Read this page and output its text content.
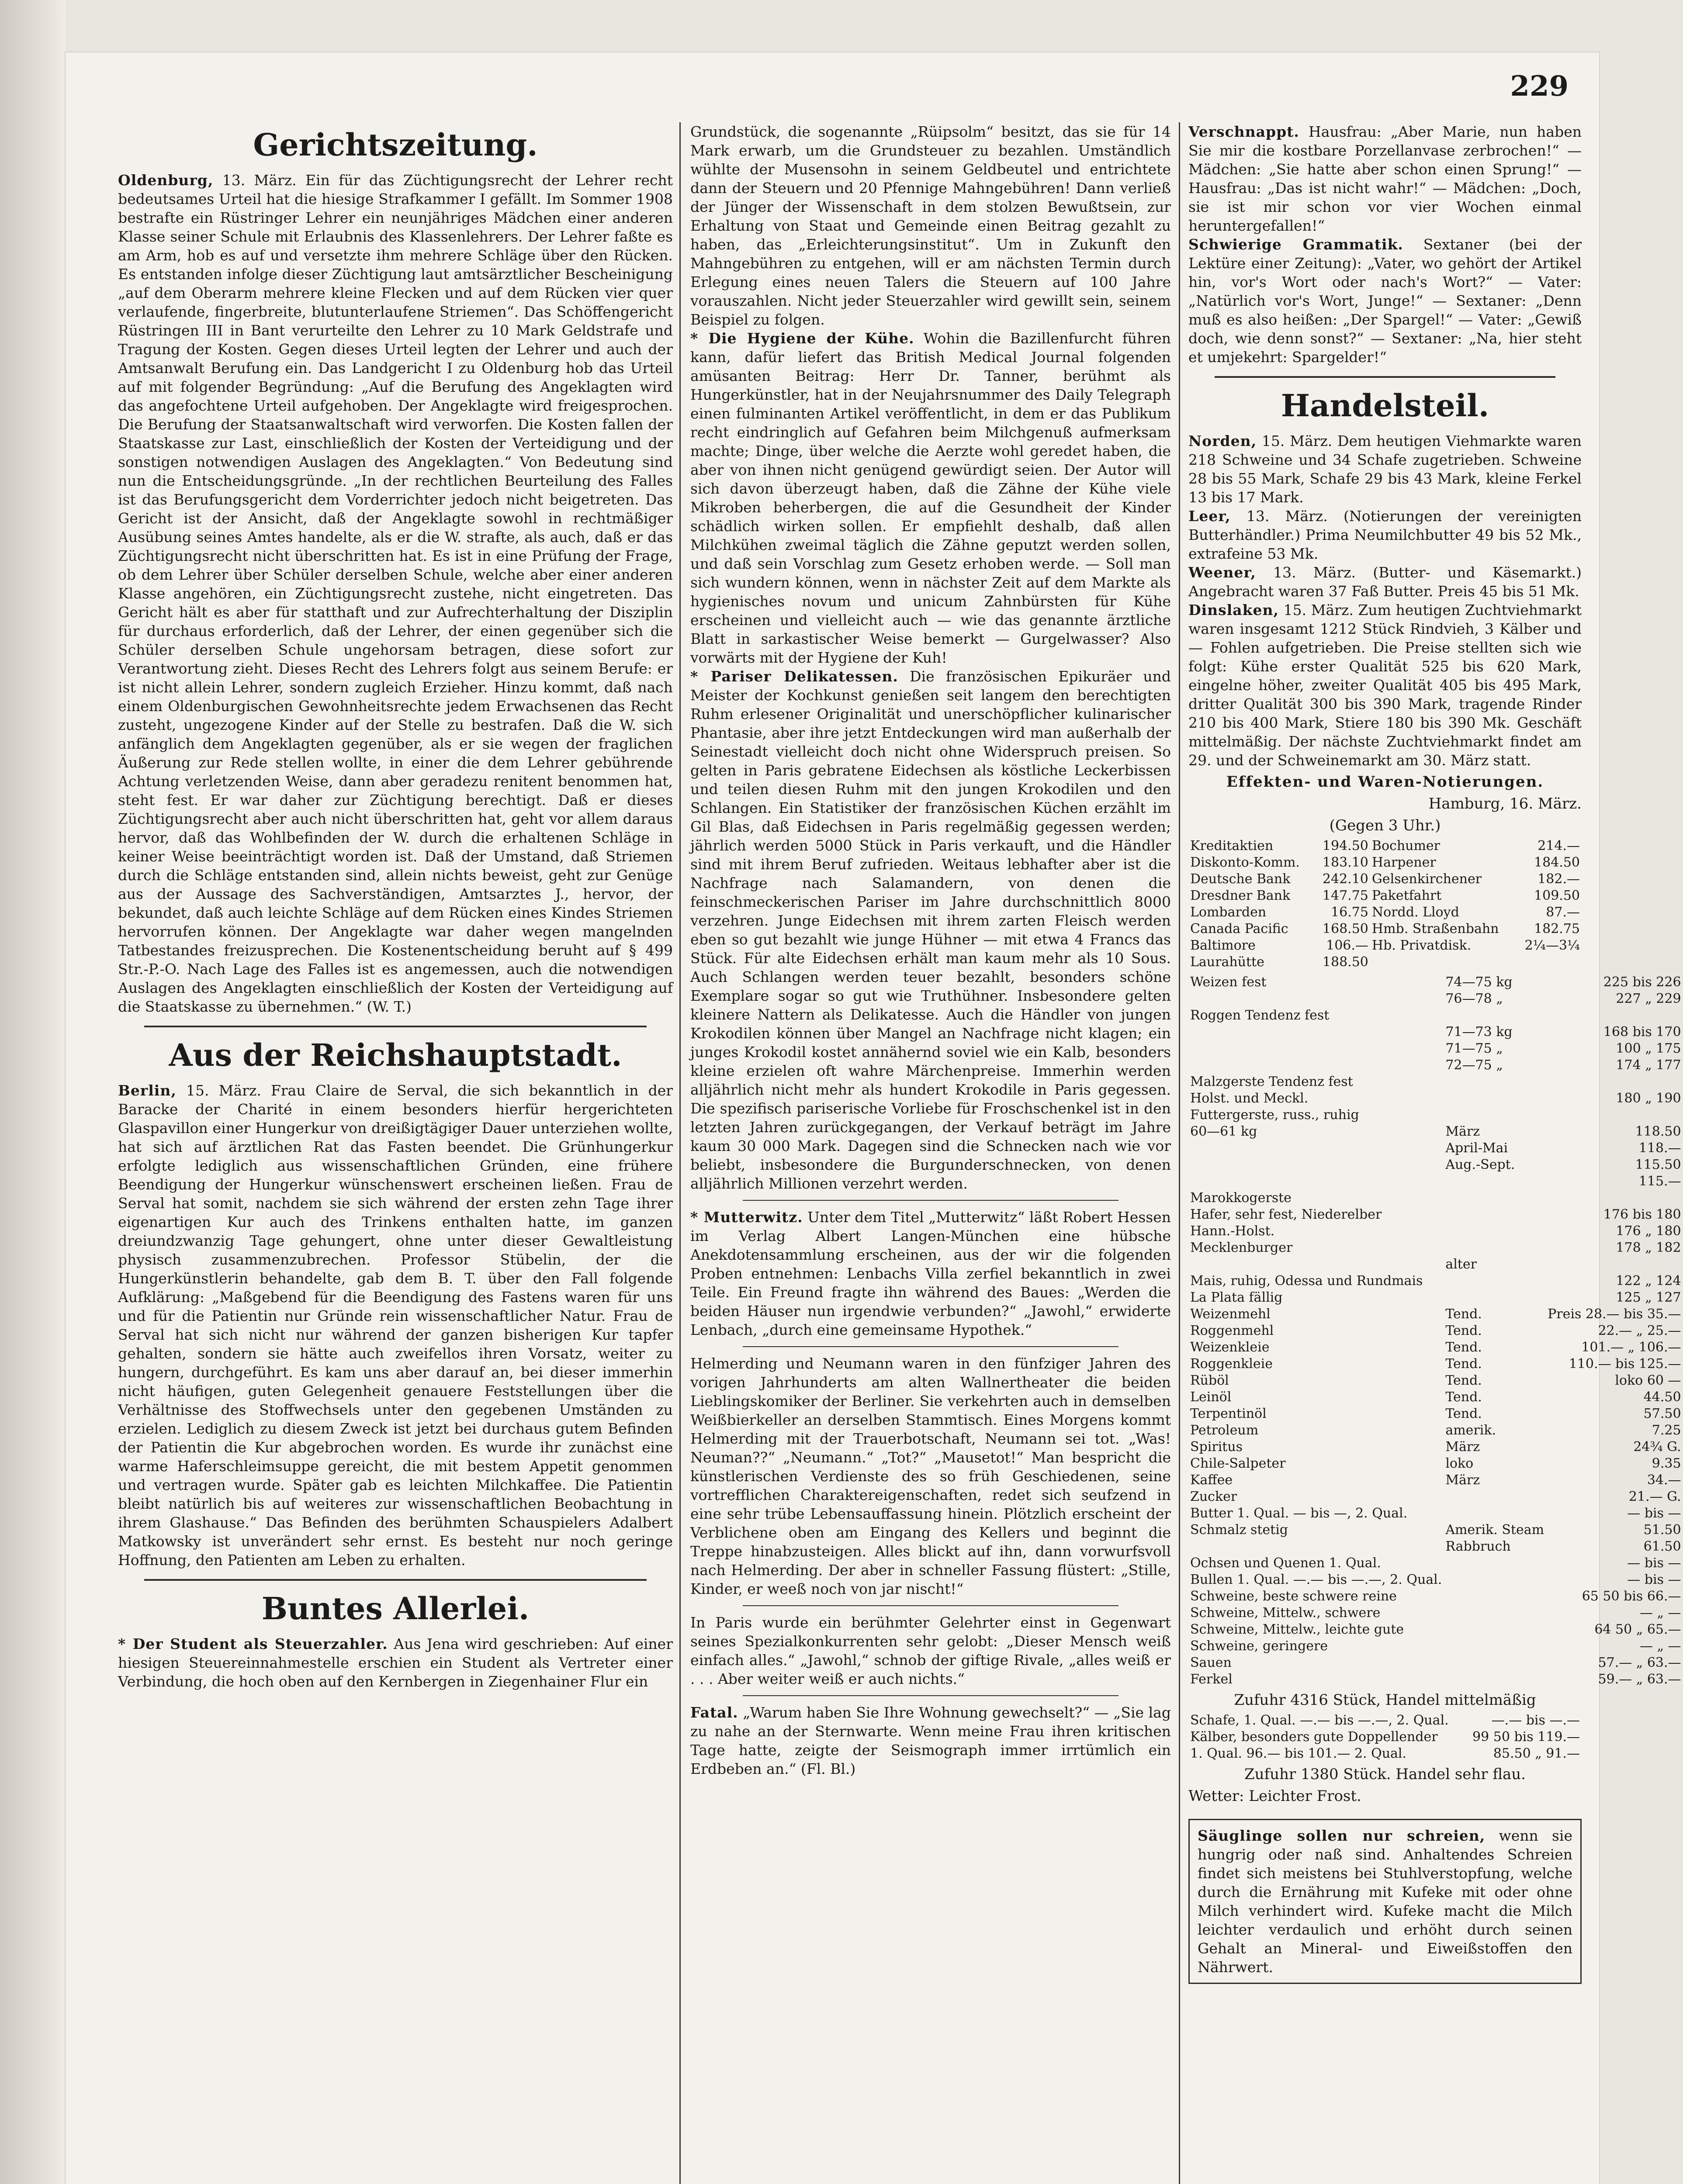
229
Gerichtszeitung.

Oldenburg, 13. März. Ein für das Züchtigungsrecht der Lehrer recht bedeutsames Urteil hat die hiesige Strafkammer I gefällt. Im Sommer 1908 bestrafte ein Rüstringer Lehrer ein neunjähriges Mädchen einer anderen Klasse seiner Schule mit Erlaubnis des Klassenlehrers. Der Lehrer faßte es am Arm, hob es auf und versetzte ihm mehrere Schläge über den Rücken. Es entstanden infolge dieser Züchtigung laut amtsärztlicher Bescheinigung „auf dem Oberarm mehrere kleine Flecken und auf dem Rücken vier quer verlaufende, fingerbreite, blutunterlaufene Striemen“. Das Schöffengericht Rüstringen III in Bant verurteilte den Lehrer zu 10 Mark Geldstrafe und Tragung der Kosten. Gegen dieses Urteil legten der Lehrer und auch der Amtsanwalt Berufung ein. Das Landgericht I zu Oldenburg hob das Urteil auf mit folgender Begründung: „Auf die Berufung des Angeklagten wird das angefochtene Urteil aufgehoben. Der Angeklagte wird freigesprochen. Die Berufung der Staatsanwaltschaft wird verworfen. Die Kosten fallen der Staatskasse zur Last, einschließlich der Kosten der Verteidigung und der sonstigen notwendigen Auslagen des Angeklagten.“ Von Bedeutung sind nun die Entscheidungsgründe. „In der rechtlichen Beurteilung des Falles ist das Berufungsgericht dem Vorderrichter jedoch nicht beigetreten. Das Gericht ist der Ansicht, daß der Angeklagte sowohl in rechtmäßiger Ausübung seines Amtes handelte, als er die W. strafte, als auch, daß er das Züchtigungsrecht nicht überschritten hat. Es ist in eine Prüfung der Frage, ob dem Lehrer über Schüler derselben Schule, welche aber einer anderen Klasse angehören, ein Züchtigungsrecht zustehe, nicht eingetreten. Das Gericht hält es aber für statthaft und zur Aufrechterhaltung der Disziplin für durchaus erforderlich, daß der Lehrer, der einen gegenüber sich die Schüler derselben Schule ungehorsam betragen, diese sofort zur Verantwortung zieht. Dieses Recht des Lehrers folgt aus seinem Berufe: er ist nicht allein Lehrer, sondern zugleich Erzieher. Hinzu kommt, daß nach einem Oldenburgischen Gewohnheitsrechte jedem Erwachsenen das Recht zusteht, ungezogene Kinder auf der Stelle zu bestrafen. Daß die W. sich anfänglich dem Angeklagten gegenüber, als er sie wegen der fraglichen Äußerung zur Rede stellen wollte, in einer die dem Lehrer gebührende Achtung verletzenden Weise, dann aber geradezu renitent benommen hat, steht fest. Er war daher zur Züchtigung berechtigt. Daß er dieses Züchtigungsrecht aber auch nicht überschritten hat, geht vor allem daraus hervor, daß das Wohlbefinden der W. durch die erhaltenen Schläge in keiner Weise beeinträchtigt worden ist. Daß der Umstand, daß Striemen durch die Schläge entstanden sind, allein nichts beweist, geht zur Genüge aus der Aussage des Sachverständigen, Amtsarztes J., hervor, der bekundet, daß auch leichte Schläge auf dem Rücken eines Kindes Striemen hervorrufen können. Der Angeklagte war daher wegen mangelnden Tatbestandes freizusprechen. Die Kostenentscheidung beruht auf § 499 Str.-P.-O. Nach Lage des Falles ist es angemessen, auch die notwendigen Auslagen des Angeklagten einschließlich der Kosten der Verteidigung auf die Staatskasse zu übernehmen.“ (W. T.)

Aus der Reichshauptstadt.

Berlin, 15. März. Frau Claire de Serval, die sich bekanntlich in der Baracke der Charité in einem besonders hierfür hergerichteten Glaspavillon einer Hungerkur von dreißigtägiger Dauer unterziehen wollte, hat sich auf ärztlichen Rat das Fasten beendet. Die Grünhungerkur erfolgte lediglich aus wissenschaftlichen Gründen, eine frühere Beendigung der Hungerkur wünschenswert erscheinen ließen. Frau de Serval hat somit, nachdem sie sich während der ersten zehn Tage ihrer eigenartigen Kur auch des Trinkens enthalten hatte, im ganzen dreiundzwanzig Tage gehungert, ohne unter dieser Gewaltleistung physisch zusammenzubrechen. Professor Stübelin, der die Hungerkünstlerin behandelte, gab dem B. T. über den Fall folgende Aufklärung: „Maßgebend für die Beendigung des Fastens waren für uns und für die Patientin nur Gründe rein wissenschaftlicher Natur. Frau de Serval hat sich nicht nur während der ganzen bisherigen Kur tapfer gehalten, sondern sie hätte auch zweifellos ihren Vorsatz, weiter zu hungern, durchgeführt. Es kam uns aber darauf an, bei dieser immerhin nicht häufigen, guten Gelegenheit genauere Feststellungen über die Verhältnisse des Stoffwechsels unter den gegebenen Umständen zu erzielen. Lediglich zu diesem Zweck ist jetzt bei durchaus gutem Befinden der Patientin die Kur abgebrochen worden. Es wurde ihr zunächst eine warme Haferschleimsuppe gereicht, die mit bestem Appetit genommen und vertragen wurde. Später gab es leichten Milchkaffee. Die Patientin bleibt natürlich bis auf weiteres zur wissenschaftlichen Beobachtung in ihrem Glashause.“ Das Befinden des berühmten Schauspielers Adalbert Matkowsky ist unverändert sehr ernst. Es besteht nur noch geringe Hoffnung, den Patienten am Leben zu erhalten.

Buntes Allerlei.

* Der Student als Steuerzahler. Aus Jena wird geschrieben: Auf einer hiesigen Steuereinnahmestelle erschien ein Student als Vertreter einer Verbindung, die hoch oben auf den Kernbergen in Ziegenhainer Flur ein

Grundstück, die sogenannte „Rüipsolm“ besitzt, das sie für 14 Mark erwarb, um die Grundsteuer zu bezahlen. Umständlich wühlte der Musensohn in seinem Geldbeutel und entrichtete dann der Steuern und 20 Pfennige Mahngebühren! Dann verließ der Jünger der Wissenschaft in dem stolzen Bewußtsein, zur Erhaltung von Staat und Gemeinde einen Beitrag gezahlt zu haben, das „Erleichterungsinstitut“. Um in Zukunft den Mahngebühren zu entgehen, will er am nächsten Termin durch Erlegung eines neuen Talers die Steuern auf 100 Jahre vorauszahlen. Nicht jeder Steuerzahler wird gewillt sein, seinem Beispiel zu folgen.

* Die Hygiene der Kühe. Wohin die Bazillenfurcht führen kann, dafür liefert das British Medical Journal folgenden amüsanten Beitrag: Herr Dr. Tanner, berühmt als Hungerkünstler, hat in der Neujahrsnummer des Daily Telegraph einen fulminanten Artikel veröffentlicht, in dem er das Publikum recht eindringlich auf Gefahren beim Milchgenuß aufmerksam machte; Dinge, über welche die Aerzte wohl geredet haben, die aber von ihnen nicht genügend gewürdigt seien. Der Autor will sich davon überzeugt haben, daß die Zähne der Kühe viele Mikroben beherbergen, die auf die Gesundheit der Kinder schädlich wirken sollen. Er empfiehlt deshalb, daß allen Milchkühen zweimal täglich die Zähne geputzt werden sollen, und daß sein Vorschlag zum Gesetz erhoben werde. — Soll man sich wundern können, wenn in nächster Zeit auf dem Markte als hygienisches novum und unicum Zahnbürsten für Kühe erscheinen und vielleicht auch — wie das genannte ärztliche Blatt in sarkastischer Weise bemerkt — Gurgelwasser? Also vorwärts mit der Hygiene der Kuh!

* Pariser Delikatessen. Die französischen Epikuräer und Meister der Kochkunst genießen seit langem den berechtigten Ruhm erlesener Originalität und unerschöpflicher kulinarischer Phantasie, aber ihre jetzt Entdeckungen wird man außerhalb der Seinestadt vielleicht doch nicht ohne Widerspruch preisen. So gelten in Paris gebratene Eidechsen als köstliche Leckerbissen und teilen diesen Ruhm mit den jungen Krokodilen und den Schlangen. Ein Statistiker der französischen Küchen erzählt im Gil Blas, daß Eidechsen in Paris regelmäßig gegessen werden; jährlich werden 5000 Stück in Paris verkauft, und die Händler sind mit ihrem Beruf zufrieden. Weitaus lebhafter aber ist die Nachfrage nach Salamandern, von denen die feinschmeckerischen Pariser im Jahre durchschnittlich 8000 verzehren. Junge Eidechsen mit ihrem zarten Fleisch werden eben so gut bezahlt wie junge Hühner — mit etwa 4 Francs das Stück. Für alte Eidechsen erhält man kaum mehr als 10 Sous. Auch Schlangen werden teuer bezahlt, besonders schöne Exemplare sogar so gut wie Truthühner. Insbesondere gelten kleinere Nattern als Delikatesse. Auch die Händler von jungen Krokodilen können über Mangel an Nachfrage nicht klagen; ein junges Krokodil kostet annähernd soviel wie ein Kalb, besonders kleine erzielen oft wahre Märchenpreise. Immerhin werden alljährlich nicht mehr als hundert Krokodile in Paris gegessen. Die spezifisch pariserische Vorliebe für Froschschenkel ist in den letzten Jahren zurückgegangen, der Verkauf beträgt im Jahre kaum 30 000 Mark. Dagegen sind die Schnecken nach wie vor beliebt, insbesondere die Burgunderschnecken, von denen alljährlich Millionen verzehrt werden.

* Mutterwitz. Unter dem Titel „Mutterwitz“ läßt Robert Hessen im Verlag Albert Langen-München eine hübsche Anekdotensammlung erscheinen, aus der wir die folgenden Proben entnehmen: Lenbachs Villa zerfiel bekanntlich in zwei Teile. Ein Freund fragte ihn während des Baues: „Werden die beiden Häuser nun irgendwie verbunden?“ „Jawohl,“ erwiderte Lenbach, „durch eine gemeinsame Hypothek.“

Helmerding und Neumann waren in den fünfziger Jahren des vorigen Jahrhunderts am alten Wallnertheater die beiden Lieblingskomiker der Berliner. Sie verkehrten auch in demselben Weißbierkeller an derselben Stammtisch. Eines Morgens kommt Helmerding mit der Trauerbotschaft, Neumann sei tot. „Was! Neuman??“ „Neumann.“ „Tot?“ „Mausetot!“ Man bespricht die künstlerischen Verdienste des so früh Geschiedenen, seine vortrefflichen Charaktereigenschaften, redet sich seufzend in eine sehr trübe Lebensauffassung hinein. Plötzlich erscheint der Verblichene oben am Eingang des Kellers und beginnt die Treppe hinabzusteigen. Alles blickt auf ihn, dann vorwurfsvoll nach Helmerding. Der aber in schneller Fassung flüstert: „Stille, Kinder, er weeß noch von jar nischt!“

In Paris wurde ein berühmter Gelehrter einst in Gegenwart seines Spezialkonkurrenten sehr gelobt: „Dieser Mensch weiß einfach alles.“ „Jawohl,“ schnob der giftige Rivale, „alles weiß er . . . Aber weiter weiß er auch nichts.“

Fatal. „Warum haben Sie Ihre Wohnung gewechselt?“ — „Sie lag zu nahe an der Sternwarte. Wenn meine Frau ihren kritischen Tage hatte, zeigte der Seismograph immer irrtümlich ein Erdbeben an.“ (Fl. Bl.)

Verschnappt. Hausfrau: „Aber Marie, nun haben Sie mir die kostbare Porzellanvase zerbrochen!“ — Mädchen: „Sie hatte aber schon einen Sprung!“ — Hausfrau: „Das ist nicht wahr!“ — Mädchen: „Doch, sie ist mir schon vor vier Wochen einmal heruntergefallen!“

Schwierige Grammatik. Sextaner (bei der Lektüre einer Zeitung): „Vater, wo gehört der Artikel hin, vor's Wort oder nach's Wort?“ — Vater: „Natürlich vor's Wort, Junge!“ — Sextaner: „Denn muß es also heißen: „Der Spargel!“ — Vater: „Gewiß doch, wie denn sonst?“ — Sextaner: „Na, hier steht et umjekehrt: Spargelder!“

Handelsteil.

Norden, 15. März. Dem heutigen Viehmarkte waren 218 Schweine und 34 Schafe zugetrieben. Schweine 28 bis 55 Mark, Schafe 29 bis 43 Mark, kleine Ferkel 13 bis 17 Mark.

Leer, 13. März. (Notierungen der vereinigten Butterhändler.) Prima Neumilchbutter 49 bis 52 Mk., extrafeine 53 Mk.

Weener, 13. März. (Butter- und Käsemarkt.) Angebracht waren 37 Faß Butter. Preis 45 bis 51 Mk.

Dinslaken, 15. März. Zum heutigen Zuchtviehmarkt waren insgesamt 1212 Stück Rindvieh, 3 Kälber und — Fohlen aufgetrieben. Die Preise stellten sich wie folgt: Kühe erster Qualität 525 bis 620 Mark, eingelne höher, zweiter Qualität 405 bis 495 Mark, dritter Qualität 300 bis 390 Mark, tragende Rinder 210 bis 400 Mark, Stiere 180 bis 390 Mk. Geschäft mittelmäßig. Der nächste Zuchtviehmarkt findet am 29. und der Schweinemarkt am 30. März statt.

Effekten- und Waren-Notierungen.
Hamburg, 16. März.
(Gegen 3 Uhr.)
Kreditaktien	194.50	Bochumer	214.—
Diskonto-Komm.	183.10	Harpener	184.50
Deutsche Bank	242.10	Gelsenkirchener	182.—
Dresdner Bank	147.75	Paketfahrt	109.50
Lombarden	16.75	Nordd. Lloyd	87.—
Canada Pacific	168.50	Hmb. Straßenbahn	182.75
Baltimore	106.—	Hb. Privatdisk.	2¼—3¼
Laurahütte	188.50		
Weizen fest	74—75 kg	225 bis 226
	76—78 „	227 „ 229
Roggen Tendenz fest		
	71—73 kg	168 bis 170
	71—75 „	100 „ 175
	72—75 „	174 „ 177
Malzgerste Tendenz fest		
Holst. und Meckl.		180 „ 190
Futtergerste, russ., ruhig		
60—61 kg	März	118.50
	April-Mai	118.—
	Aug.-Sept.	115.50
		115.—
Marokkogerste		
Hafer, sehr fest, Niederelber		176 bis 180
Hann.-Holst.		176 „ 180
Mecklenburger		178 „ 182
	alter	
Mais, ruhig, Odessa und Rundmais		122 „ 124
La Plata fällig		125 „ 127
Weizenmehl	Tend.	Preis 28.— bis 35.—
Roggenmehl	Tend.	22.— „ 25.—
Weizenkleie	Tend.	101.— „ 106.—
Roggenkleie	Tend.	110.— bis 125.—
Rüböl	Tend.	loko 60 —
Leinöl	Tend.	44.50
Terpentinöl	Tend.	57.50
Petroleum	amerik.	7.25
Spiritus	März	24¾ G.
Chile-Salpeter	loko	9.35
Kaffee	März	34.—
Zucker		21.— G.
Butter 1. Qual. — bis —, 2. Qual.		— bis —
Schmalz stetig	Amerik. Steam	51.50
	Rabbruch	61.50
Ochsen und Quenen 1. Qual.		— bis —
Bullen 1. Qual. —.— bis —.—, 2. Qual.		— bis —
Schweine, beste schwere reine		65 50 bis 66.—
Schweine, Mittelw., schwere		— „ —
Schweine, Mittelw., leichte gute		64 50 „ 65.—
Schweine, geringere		— „ —
Sauen		57.— „ 63.—
Ferkel		59.— „ 63.—
Zufuhr 4316 Stück, Handel mittelmäßig
Schafe, 1. Qual. —.— bis —.—, 2. Qual.	—.— bis —.—
Kälber, besonders gute Doppellender	99 50 bis 119.—
1. Qual. 96.— bis 101.— 2. Qual.	85.50 „ 91.—
Zufuhr 1380 Stück. Handel sehr flau.
Wetter: Leichter Frost.

Säuglinge sollen nur schreien, wenn sie hungrig oder naß sind. Anhaltendes Schreien findet sich meistens bei Stuhlverstopfung, welche durch die Ernährung mit Kufeke mit oder ohne Milch verhindert wird. Kufeke macht die Milch leichter verdaulich und erhöht durch seinen Gehalt an Mineral- und Eiweißstoffen den Nährwert.
